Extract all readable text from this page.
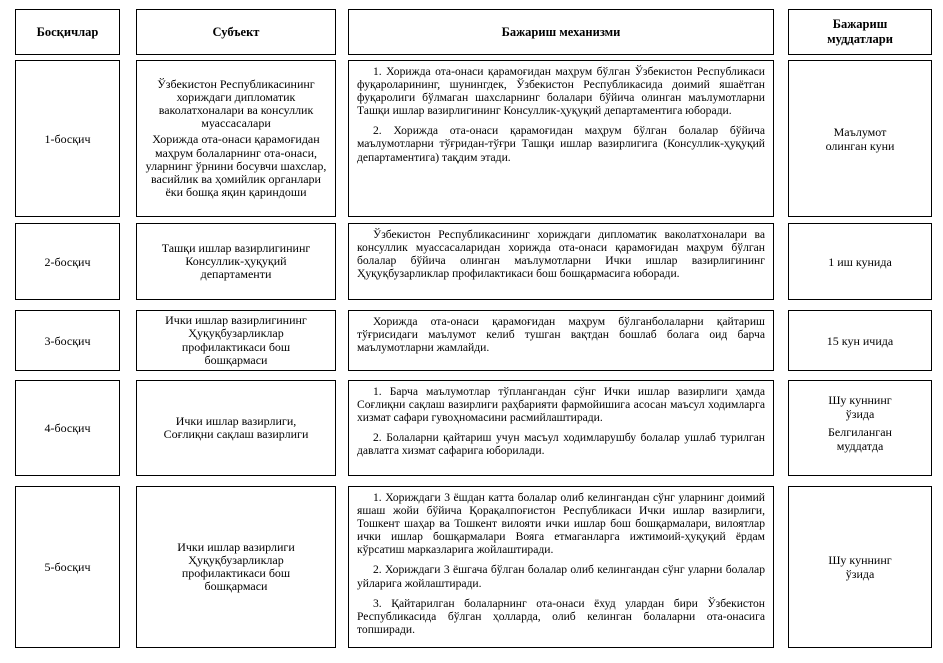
Босқичлар	Субъект	Бажариш механизми
Бажариш муддатлари
1-босқич

Ўзбекистон Республикасининг хориждаги дипломатик ваколатхоналари ва консуллик муассасалари

Хорижда ота-онаси қарамоғидан маҳрум болаларнинг ота-онаси, уларнинг ўрнини босувчи шахслар, васийлик ва ҳомийлик органлари ёки бошқа яқин қариндоши

1. Хорижда ота-онаси қарамоғидан маҳрум бўлган Ўзбекистон Республикаси фуқароларининг, шунингдек, Ўзбекистон Республикасида доимий яшаётган фуқаролиги бўлмаган шахсларнинг болалари бўйича олинган маълумотларни Ташқи ишлар вазирлигининг Консуллик-ҳуқуқий департаментига юборади.

2. Хорижда ота-онаси қарамоғидан маҳрум бўлган болалар бўйича маълумотларни тўғридан-тўғри Ташқи ишлар вазирлигига (Консуллик-ҳуқуқий департаментига) тақдим этади.

Маълумот олинган куни
2-босқич

Ташқи ишлар вазирлигининг Консуллик-ҳуқуқий департаменти

Ўзбекистон Республикасининг хориждаги дипломатик ваколатхоналари ва консуллик муассасаларидан хорижда ота-онаси қарамоғидан маҳрум бўлган болалар бўйича олинган маълумотларни Ички ишлар вазирлигининг Ҳуқуқбузарликлар профилактикаси бош бошқармасига юборади.

1 иш кунида
3-босқич

Ички ишлар вазирлигининг Ҳуқуқбузарликлар профилактикаси бош бошқармаси

Хорижда ота-онаси қарамоғидан маҳрум бўлганболаларни қайтариш тўғрисидаги маълумот келиб тушган вақтдан бошлаб болага оид барча маълумотларни жамлайди.

15 кун ичида
4-босқич

Ички ишлар вазирлиги, Соғлиқни сақлаш вазирлиги

1. Барча маълумотлар тўплангандан сўнг Ички ишлар вазирлиги ҳамда Соғлиқни сақлаш вазирлиги раҳбарияти фармойишига асосан маъсул ходимларга хизмат сафари гувоҳномасини расмийлаштиради.

2. Болаларни қайтариш учун масъул ходимларушбу болалар ушлаб турилган давлатга хизмат сафарига юборилади.

Шу куннинг ўзида
Белгиланган муддатда
5-босқич

Ички ишлар вазирлиги Ҳуқуқбузарликлар профилактикаси бош бошқармаси

1. Хориждаги 3 ёшдан катта болалар олиб келингандан сўнг уларнинг доимий яшаш жойи бўйича Қорақалпоғистон Республикаси Ички ишлар вазирлиги, Тошкент шаҳар ва Тошкент вилояти ички ишлар бош бошқармалари, вилоятлар ички ишлар бошқармалари Вояга етмаганларга ижтимоий-ҳуқуқий ёрдам кўрсатиш марказларига жойлаштиради.

2. Хориждаги 3 ёшгача бўлган болалар олиб келингандан сўнг уларни болалар уйларига жойлаштиради.

3. Қайтарилган болаларнинг ота-онаси ёхуд улардан бири Ўзбекистон Республикасида бўлган ҳолларда, олиб келинган болаларни ота-онасига топширади.

Шу куннинг ўзида
